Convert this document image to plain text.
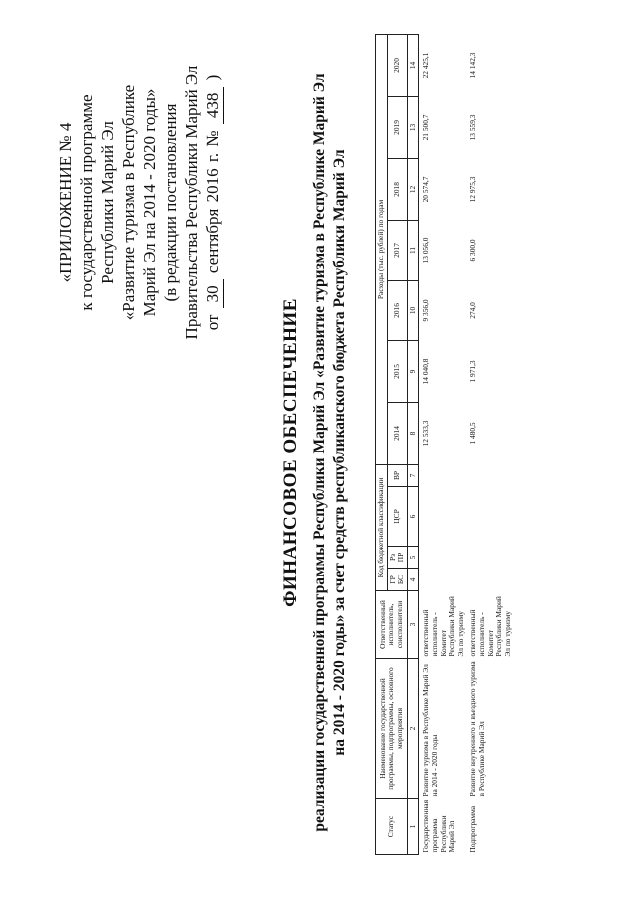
«ПРИЛОЖЕНИЕ № 4 к государственной программе Республики Марий Эл «Развитие туризма в Республике Марий Эл на 2014 - 2020 годы» (в редакции постановления Правительства Республики Марий Эл от 30 сентября 2016 г. № 438 )
ФИНАНСОВОЕ ОБЕСПЕЧЕНИЕ реализации государственной программы Республики Марий Эл «Развитие туризма в Республике Марий Эл на 2014 - 2020 годы» за счет средств республиканского бюджета Республики Марий Эл
Статус	Наименование государственной программы, подпрограммы, основного мероприятия	Ответственный исполнитель, соисполнители	Код бюджетной классификации				Расходы (тыс. рублей) по годам						
			ГР БС	Рз ПР	ЦСР	ВР	2014	2015	2016	2017	2018	2019	2020
1	2	3	4	5	6	7	8	9	10	11	12	13	14
Государственная программа Республики Марий Эл	Развитие туризма в Республике Марий Эл на 2014 - 2020 годы	ответственный исполнитель - Комитет Республики Марий Эл по туризму					12 533,3	14 040,8	9 356,0	13 056,0	20 574,7	21 500,7	22 425,1
Подпрограмма	Развитие внутреннего и въездного туризма в Республике Марий Эл	ответственный исполнитель - Комитет Республики Марий Эл по туризму					1 480,5	1 971,3	274,0	6 300,0	12 975,3	13 559,3	14 142,3
